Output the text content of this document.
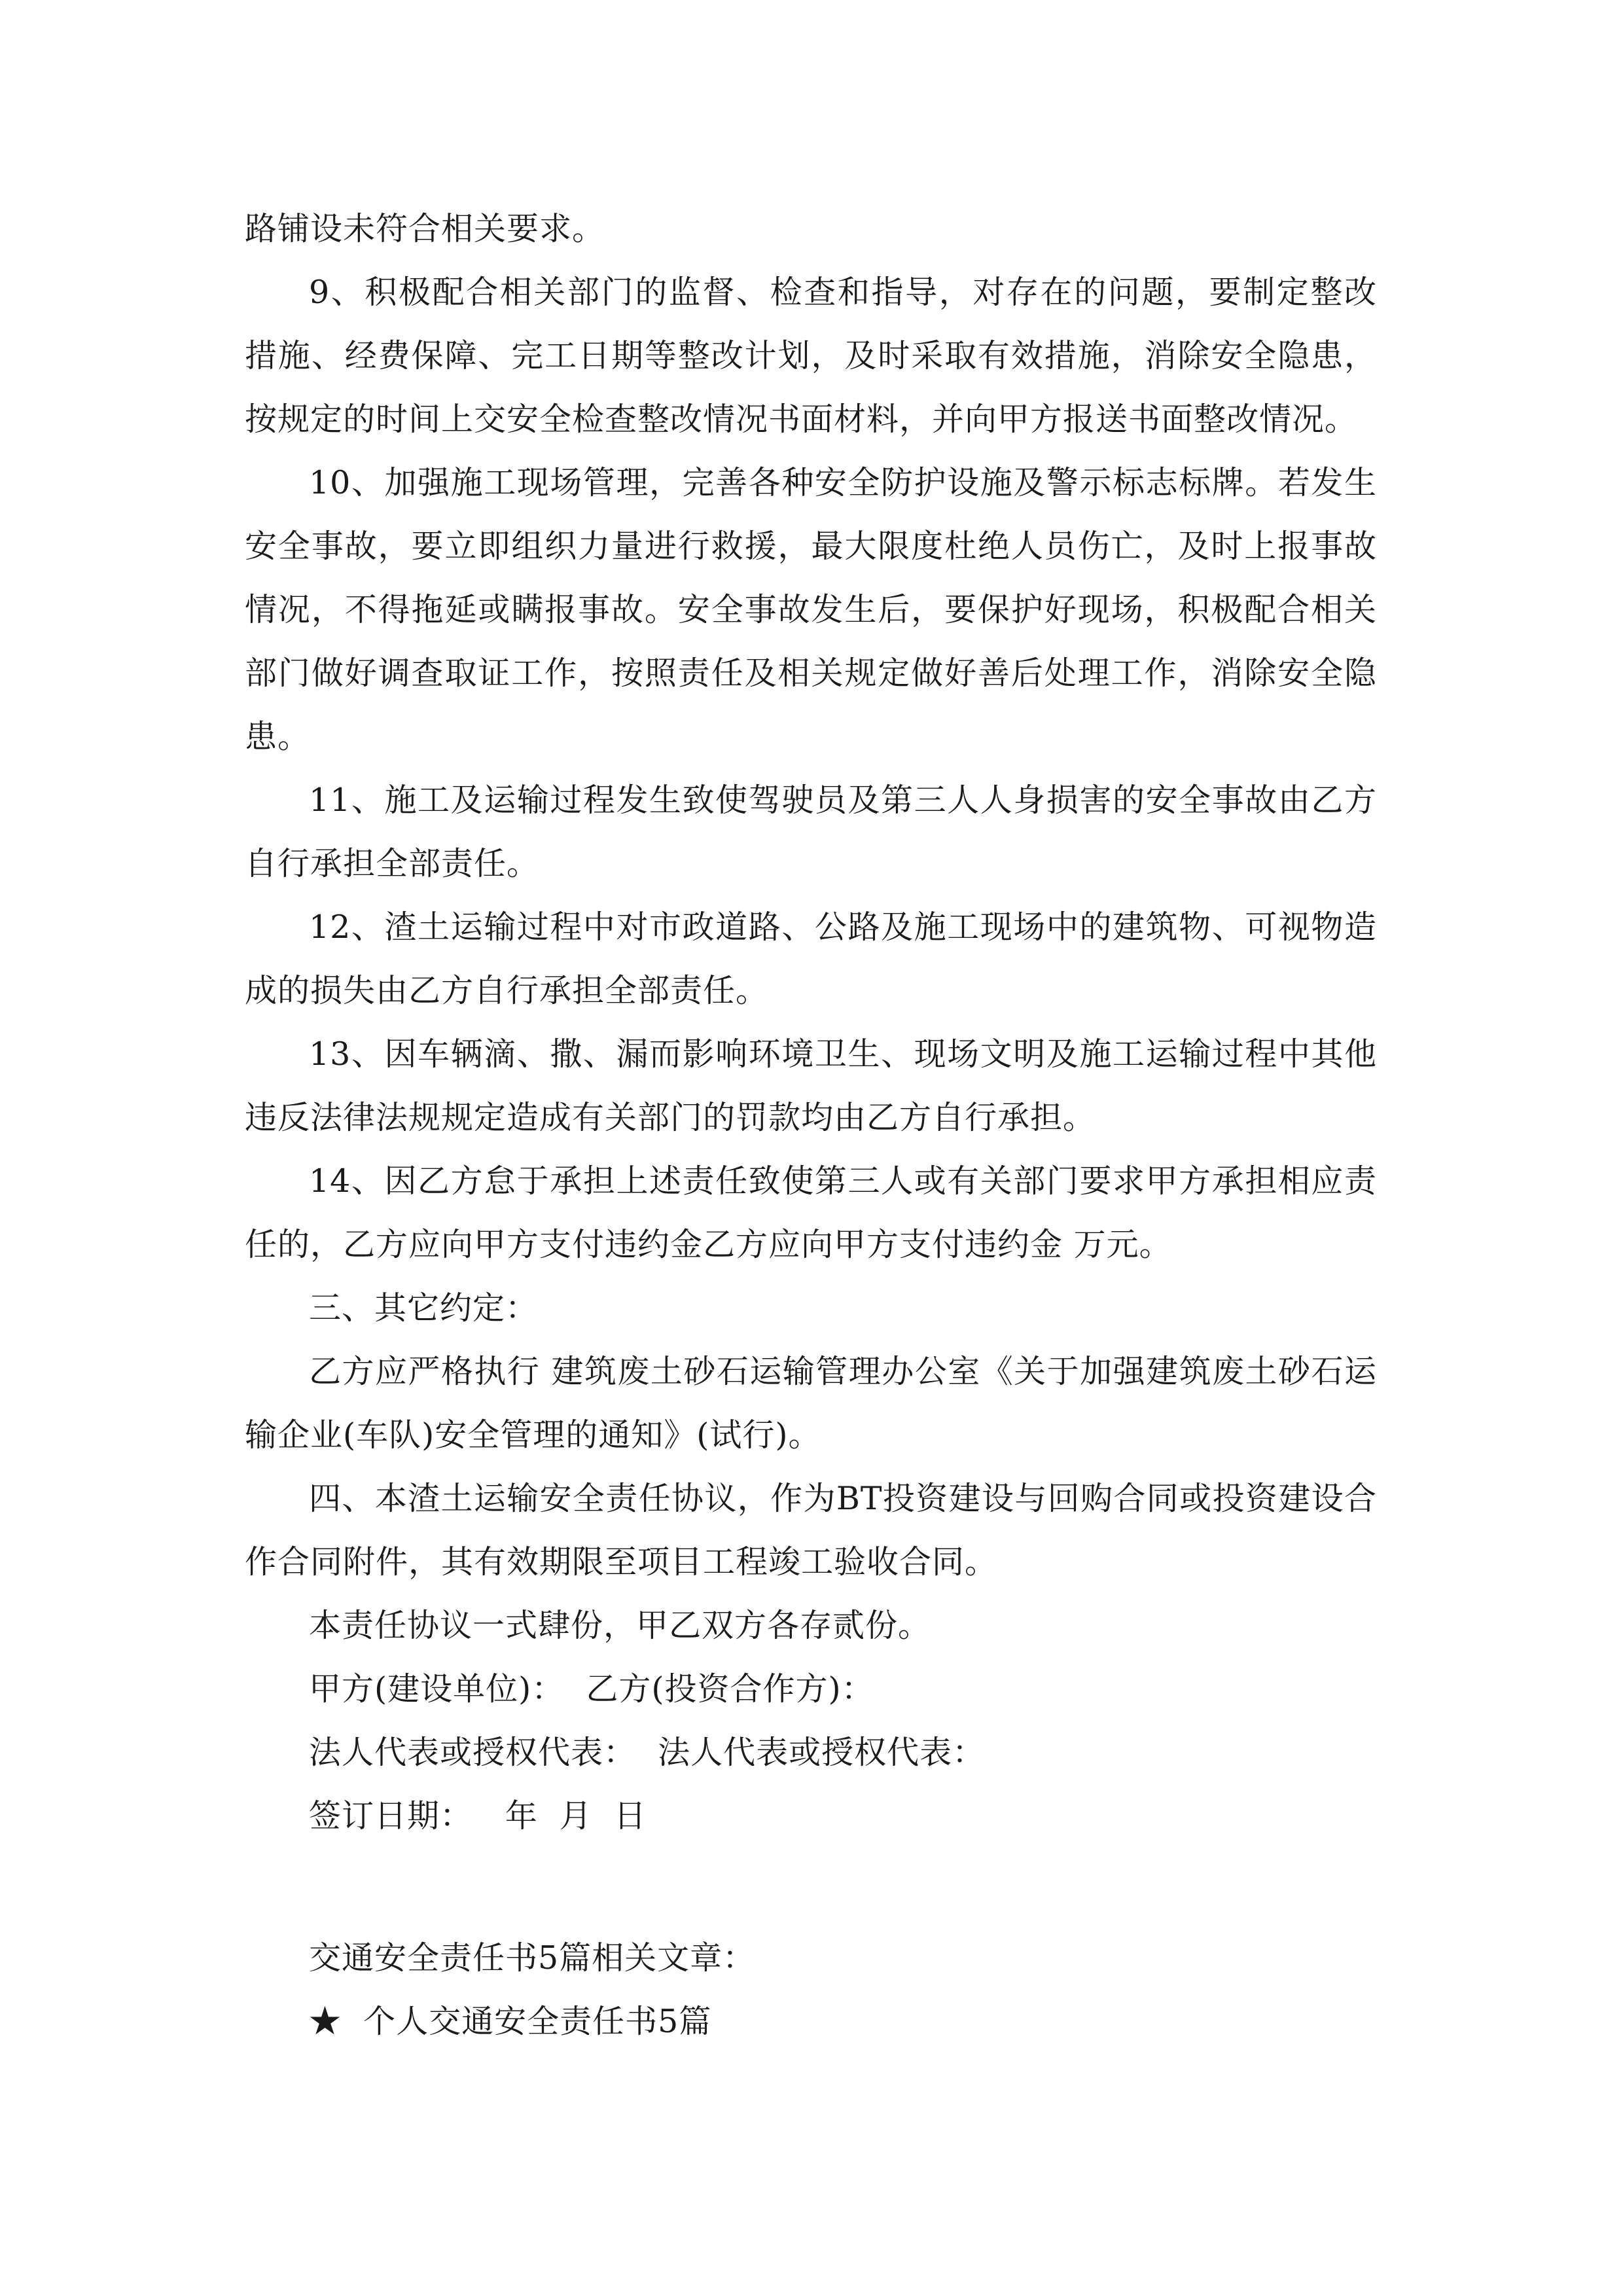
路铺设未符合相关要求。

9、积极配合相关部门的监督、检查和指导，对存在的问题，要制定整改措施、经费保障、完工日期等整改计划，及时采取有效措施，消除安全隐患，按规定的时间上交安全检查整改情况书面材料，并向甲方报送书面整改情况。

10、加强施工现场管理，完善各种安全防护设施及警示标志标牌。若发生安全事故，要立即组织力量进行救援，最大限度杜绝人员伤亡，及时上报事故情况，不得拖延或瞒报事故。安全事故发生后，要保护好现场，积极配合相关部门做好调查取证工作，按照责任及相关规定做好善后处理工作，消除安全隐患。

11、施工及运输过程发生致使驾驶员及第三人人身损害的安全事故由乙方自行承担全部责任。

12、渣土运输过程中对市政道路、公路及施工现场中的建筑物、可视物造成的损失由乙方自行承担全部责任。

13、因车辆滴、撒、漏而影响环境卫生、现场文明及施工运输过程中其他违反法律法规规定造成有关部门的罚款均由乙方自行承担。

14、因乙方怠于承担上述责任致使第三人或有关部门要求甲方承担相应责任的，乙方应向甲方支付违约金乙方应向甲方支付违约金 万元。

三、其它约定：

乙方应严格执行 建筑废土砂石运输管理办公室《关于加强建筑废土砂石运输企业(车队)安全管理的通知》(试行)。

四、本渣土运输安全责任协议，作为BT投资建设与回购合同或投资建设合作合同附件，其有效期限至项目工程竣工验收合同。

本责任协议一式肆份，甲乙双方各存贰份。

甲方(建设单位)：  乙方(投资合作方)：

法人代表或授权代表：  法人代表或授权代表：

签订日期：   年  月  日

交通安全责任书5篇相关文章：

★  个人交通安全责任书5篇
